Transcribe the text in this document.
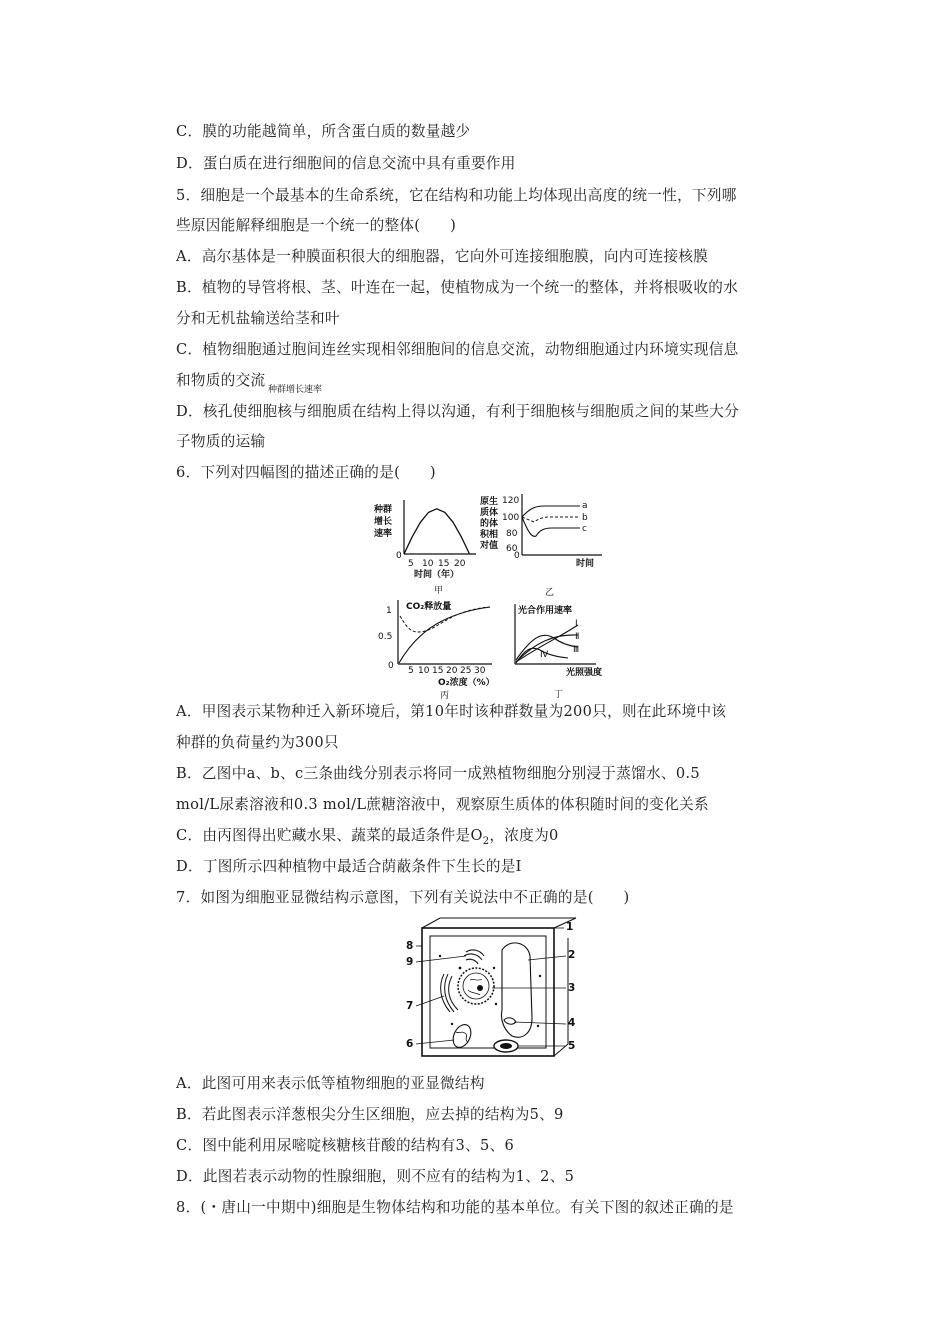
C．膜的功能越简单，所含蛋白质的数量越少
D．蛋白质在进行细胞间的信息交流中具有重要作用
5．细胞是一个最基本的生命系统，它在结构和功能上均体现出高度的统一性，下列哪
些原因能解释细胞是一个统一的整体(　　)
A．高尔基体是一种膜面积很大的细胞器，它向外可连接细胞膜，向内可连接核膜
B．植物的导管将根、茎、叶连在一起，使植物成为一个统一的整体，并将根吸收的水
分和无机盐输送给茎和叶
C．植物细胞通过胞间连丝实现相邻细胞间的信息交流，动物细胞通过内环境实现信息
和物质的交流
D．核孔使细胞核与细胞质在结构上得以沟通，有利于细胞核与细胞质之间的某些大分
子物质的运输
6．下列对四幅图的描述正确的是(　　)
种群增长速率
种群
增长
速率
0
5 10 15 20
时间（年）
甲
原生
质体
的体
积相
对值
120
100
80
60
0
a
b
c
时间
乙
CO₂释放量
1
0.5
0 5 10 15 20 25 30
O₂浓度（%）
丙
光合作用速率
Ⅰ
Ⅱ
Ⅲ
Ⅳ
光照强度
丁
A．甲图表示某物种迁入新环境后，第10年时该种群数量为200只，则在此环境中该
种群的负荷量约为300只
B．乙图中a、b、c三条曲线分别表示将同一成熟植物细胞分别浸于蒸馏水、0.5
mol/L尿素溶液和0.3 mol/L蔗糖溶液中，观察原生质体的体积随时间的变化关系
C．由丙图得出贮藏水果、蔬菜的最适条件是$O_2$，浓度为0
D．丁图所示四种植物中最适合荫蔽条件下生长的是Ⅰ
7．如图为细胞亚显微结构示意图，下列有关说法中不正确的是(　　)
1
2
3
4
5
6
7
8
9
A．此图可用来表示低等植物细胞的亚显微结构
B．若此图表示洋葱根尖分生区细胞，应去掉的结构为5、9
C．图中能利用尿嘧啶核糖核苷酸的结构有3、5、6
D．此图若表示动物的性腺细胞，则不应有的结构为1、2、5
8．(・唐山一中期中)细胞是生物体结构和功能的基本单位。有关下图的叙述正确的是
